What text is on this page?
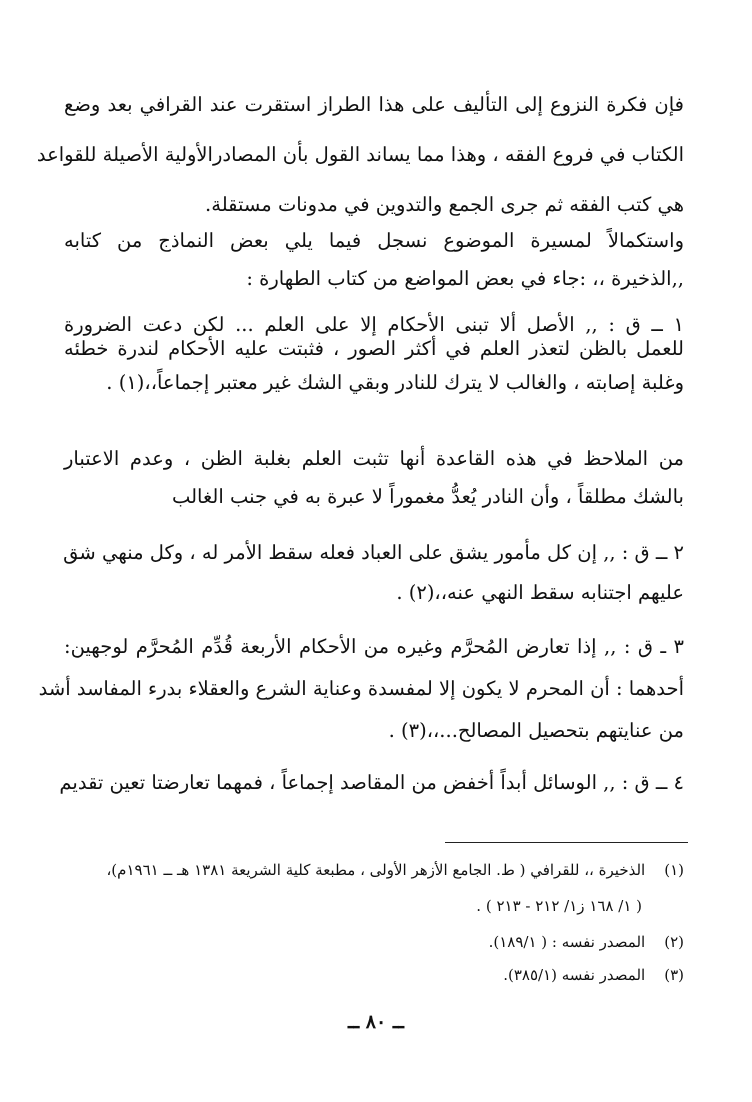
فإن فكرة النزوع إلى التأليف على هذا الطراز استقرت عند القرافي بعد وضع
الكتاب في فروع الفقه ، وهذا مما يساند القول بأن المصادرالأولية الأصيلة للقواعد
هي كتب الفقه ثم جرى الجمع والتدوين في مدونات مستقلة.
واستكمالاً لمسيرة الموضوع نسجل فيما يلي بعض النماذج من كتابه
,,الذخيرة ،، :جاء في بعض المواضع من كتاب الطهارة :
١ ــ ق : ,, الأصل ألا تبنى الأحكام إلا على العلم ... لكن دعت الضرورة
للعمل بالظن لتعذر العلم في أكثر الصور ، فثبتت عليه الأحكام لندرة خطئه
وغلبة إصابته ، والغالب لا يترك للنادر وبقي الشك غير معتبر إجماعاً،،(١) .
من الملاحظ في هذه القاعدة أنها تثبت العلم بغلبة الظن ، وعدم الاعتبار
بالشك مطلقاً ، وأن النادر يُعدُّ مغموراً لا عبرة به في جنب الغالب
٢ ــ ق : ,, إن كل مأمور يشق على العباد فعله سقط الأمر له ، وكل منهي شق
عليهم اجتنابه سقط النهي عنه،،(٢) .
٣ ـ ق : ,, إذا تعارض المُحرَّم وغيره من الأحكام الأربعة قُدِّم المُحرَّم لوجهين:
أحدهما : أن المحرم لا يكون إلا لمفسدة وعناية الشرع والعقلاء بدرء المفاسد أشد
من عنايتهم بتحصيل المصالح...،،(٣) .
٤ ــ ق : ,, الوسائل أبداً أخفض من المقاصد إجماعاً ، فمهما تعارضتا تعين تقديم
(١) الذخيرة ،، للقرافي ( ط. الجامع الأزهر الأولى ، مطبعة كلية الشريعة ١٣٨١ هـ ــ ١٩٦١م)،
( ١/ ١٦٨ ز١/ ٢١٢ - ٢١٣ ) .
(٢) المصدر نفسه : ( ١٨٩/١).
(٣) المصدر نفسه (٣٨٥/١).
ــ ٨٠ ــ
